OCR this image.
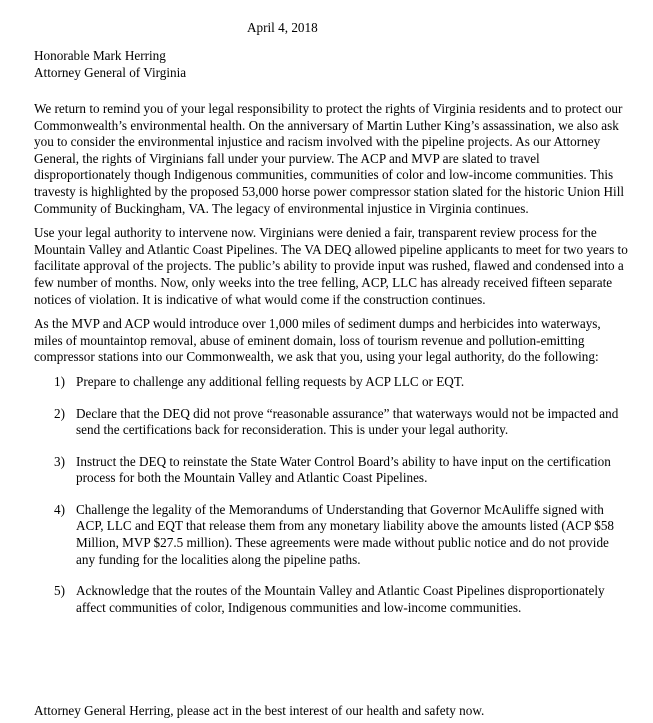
April 4, 2018
Honorable Mark Herring
Attorney General of Virginia

We return to remind you of your legal responsibility to protect the rights of Virginia residents and to protect our Commonwealth’s environmental health. On the anniversary of Martin Luther King’s assassination, we also ask you to consider the environmental injustice and racism involved with the pipeline projects. As our Attorney General, the rights of Virginians fall under your purview. The ACP and MVP are slated to travel disproportionately though Indigenous communities, communities of color and low-income communities. This travesty is highlighted by the proposed 53,000 horse power compressor station slated for the historic Union Hill Community of Buckingham, VA. The legacy of environmental injustice in Virginia continues.

Use your legal authority to intervene now. Virginians were denied a fair, transparent review process for the Mountain Valley and Atlantic Coast Pipelines. The VA DEQ allowed pipeline applicants to meet for two years to facilitate approval of the projects. The public’s ability to provide input was rushed, flawed and condensed into a few number of months. Now, only weeks into the tree felling, ACP, LLC has already received fifteen separate notices of violation. It is indicative of what would come if the construction continues.

As the MVP and ACP would introduce over 1,000 miles of sediment dumps and herbicides into waterways, miles of mountaintop removal, abuse of eminent domain, loss of tourism revenue and pollution-emitting compressor stations into our Commonwealth, we ask that you, using your legal authority, do the following:

1) Prepare to challenge any additional felling requests by ACP LLC or EQT.
2) Declare that the DEQ did not prove “reasonable assurance” that waterways would not be impacted and send the certifications back for reconsideration. This is under your legal authority.
3) Instruct the DEQ to reinstate the State Water Control Board’s ability to have input on the certification process for both the Mountain Valley and Atlantic Coast Pipelines.
4) Challenge the legality of the Memorandums of Understanding that Governor McAuliffe signed with ACP, LLC and EQT that release them from any monetary liability above the amounts listed (ACP $58 Million, MVP $27.5 million). These agreements were made without public notice and do not provide any funding for the localities along the pipeline paths.
5) Acknowledge that the routes of the Mountain Valley and Atlantic Coast Pipelines disproportionately affect communities of color, Indigenous communities and low-income communities.

Attorney General Herring, please act in the best interest of our health and safety now.
